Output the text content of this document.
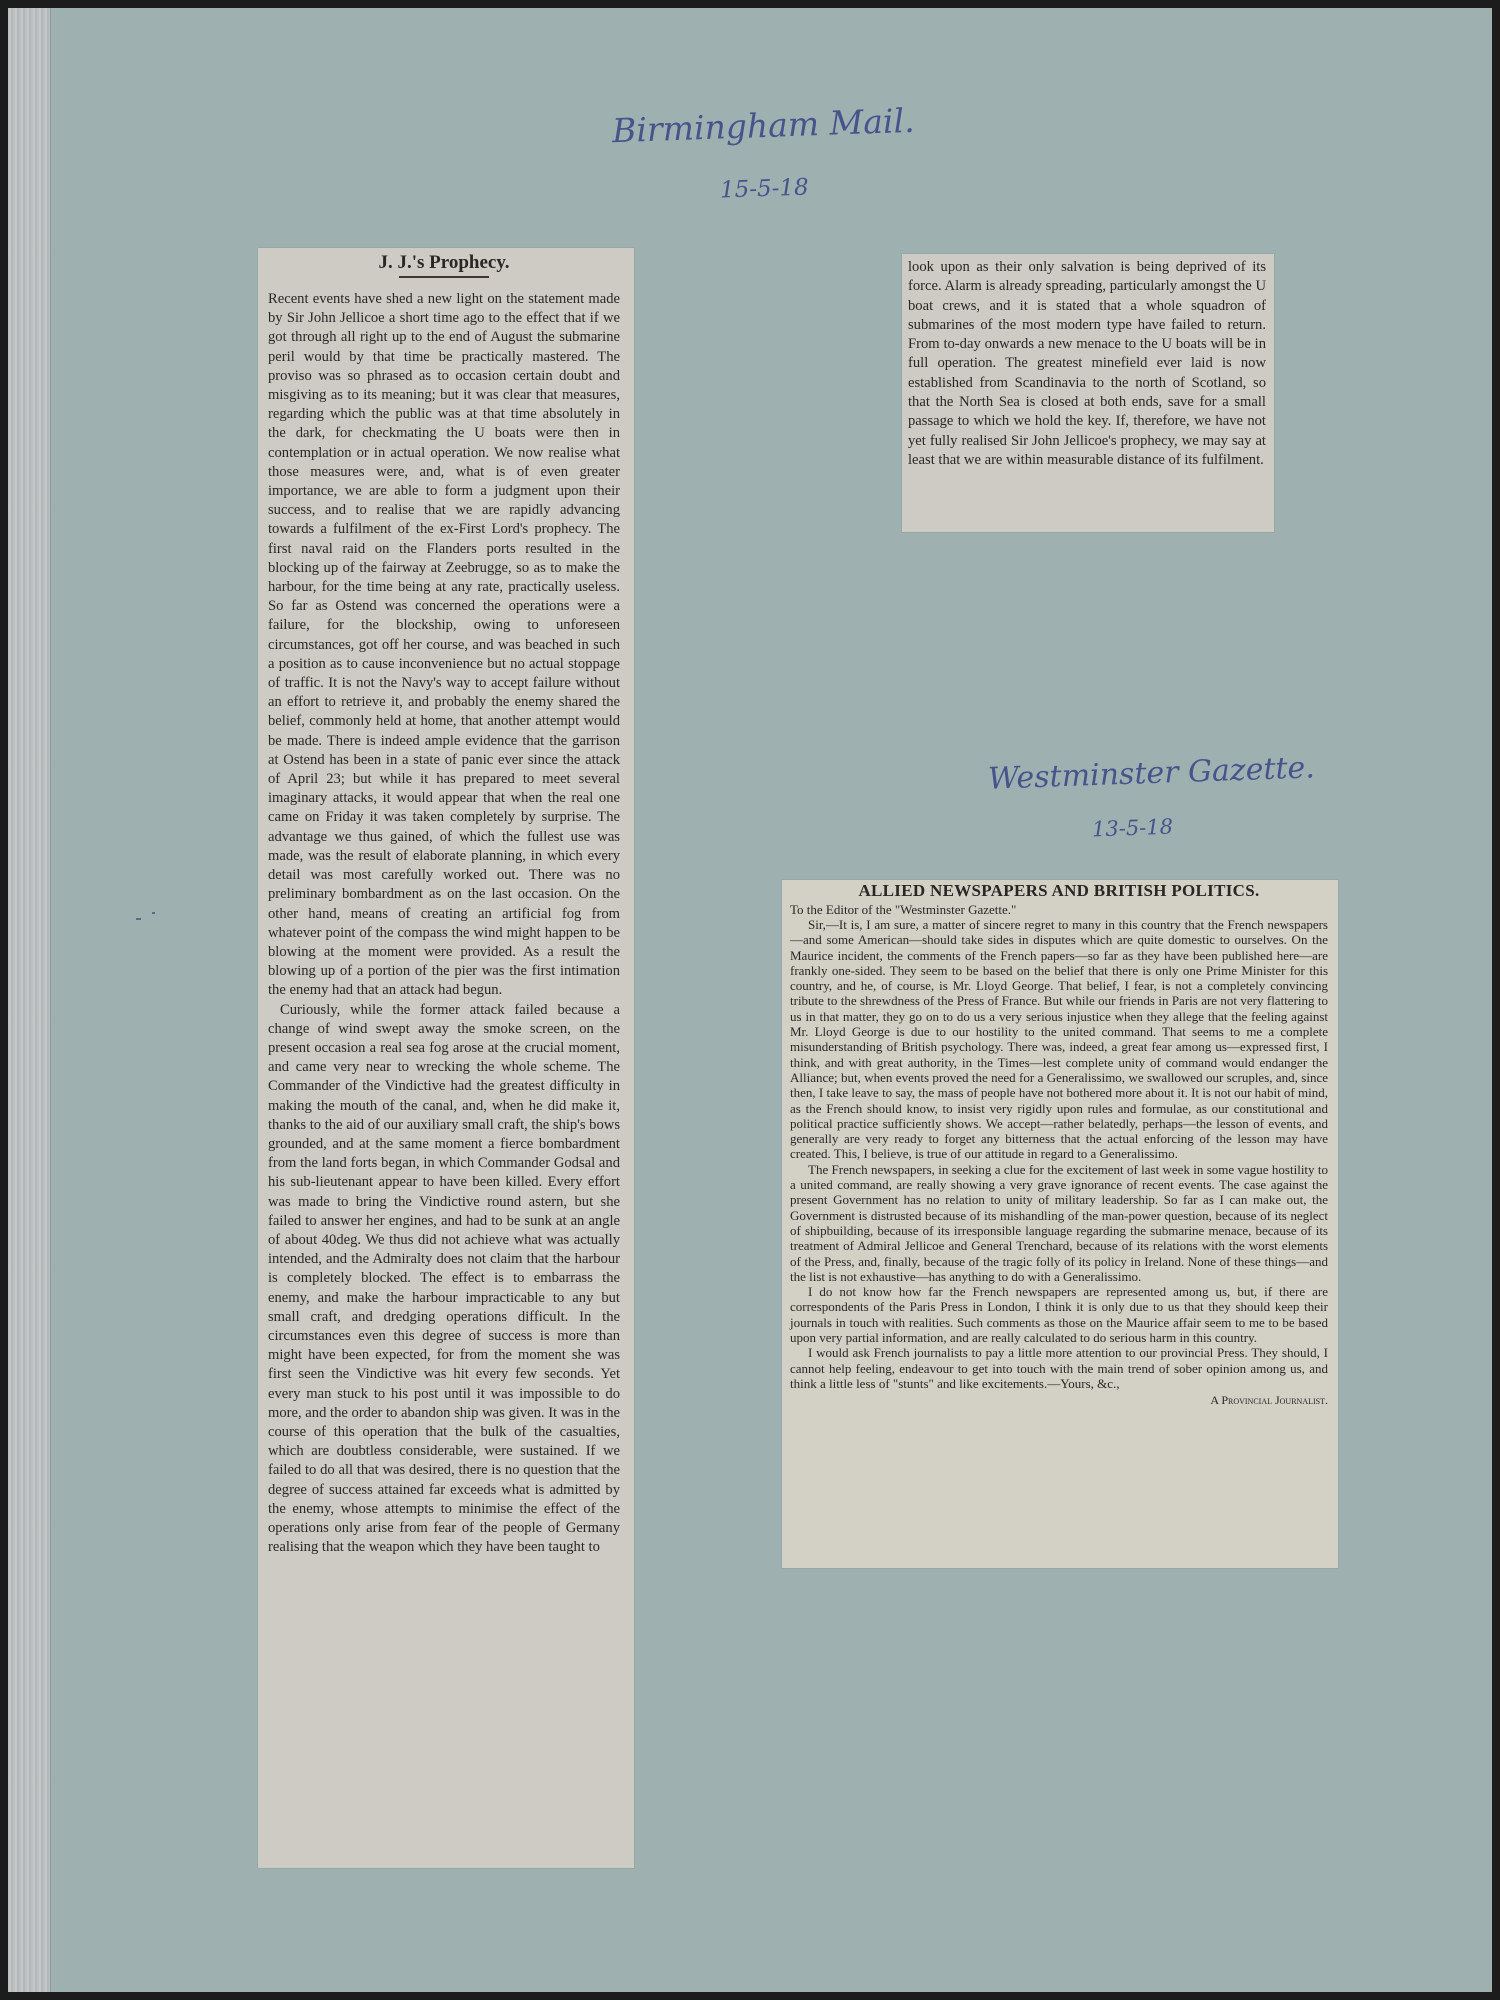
Birmingham Mail.
15-5-18
Westminster Gazette.
13-5-18
J. J.'s Prophecy.

Recent events have shed a new light on the statement made by Sir John Jellicoe a short time ago to the effect that if we got through all right up to the end of August the submarine peril would by that time be practically mastered. The proviso was so phrased as to occasion certain doubt and misgiving as to its meaning; but it was clear that measures, regarding which the public was at that time absolutely in the dark, for checkmating the U boats were then in contemplation or in actual operation. We now realise what those measures were, and, what is of even greater importance, we are able to form a judgment upon their success, and to realise that we are rapidly advancing towards a fulfilment of the ex-First Lord's prophecy. The first naval raid on the Flanders ports resulted in the blocking up of the fairway at Zeebrugge, so as to make the harbour, for the time being at any rate, practically useless. So far as Ostend was concerned the operations were a failure, for the blockship, owing to unforeseen circumstances, got off her course, and was beached in such a position as to cause inconvenience but no actual stoppage of traffic. It is not the Navy's way to accept failure without an effort to retrieve it, and probably the enemy shared the belief, commonly held at home, that another attempt would be made. There is indeed ample evidence that the garrison at Ostend has been in a state of panic ever since the attack of April 23; but while it has prepared to meet several imaginary attacks, it would appear that when the real one came on Friday it was taken completely by surprise. The advantage we thus gained, of which the fullest use was made, was the result of elaborate planning, in which every detail was most carefully worked out. There was no preliminary bombardment as on the last occasion. On the other hand, means of creating an artificial fog from whatever point of the compass the wind might happen to be blowing at the moment were provided. As a result the blowing up of a portion of the pier was the first intimation the enemy had that an attack had begun.

Curiously, while the former attack failed because a change of wind swept away the smoke screen, on the present occasion a real sea fog arose at the crucial moment, and came very near to wrecking the whole scheme. The Commander of the Vindictive had the greatest difficulty in making the mouth of the canal, and, when he did make it, thanks to the aid of our auxiliary small craft, the ship's bows grounded, and at the same moment a fierce bombardment from the land forts began, in which Commander Godsal and his sub-lieutenant appear to have been killed. Every effort was made to bring the Vindictive round astern, but she failed to answer her engines, and had to be sunk at an angle of about 40deg. We thus did not achieve what was actually intended, and the Admiralty does not claim that the harbour is completely blocked. The effect is to embarrass the enemy, and make the harbour impracticable to any but small craft, and dredging operations difficult. In the circumstances even this degree of success is more than might have been expected, for from the moment she was first seen the Vindictive was hit every few seconds. Yet every man stuck to his post until it was impossible to do more, and the order to abandon ship was given. It was in the course of this operation that the bulk of the casualties, which are doubtless considerable, were sustained. If we failed to do all that was desired, there is no question that the degree of success attained far exceeds what is admitted by the enemy, whose attempts to minimise the effect of the operations only arise from fear of the people of Germany realising that the weapon which they have been taught to

look upon as their only salvation is being deprived of its force. Alarm is already spreading, particularly amongst the U boat crews, and it is stated that a whole squadron of submarines of the most modern type have failed to return. From to-day onwards a new menace to the U boats will be in full operation. The greatest minefield ever laid is now established from Scandinavia to the north of Scotland, so that the North Sea is closed at both ends, save for a small passage to which we hold the key. If, therefore, we have not yet fully realised Sir John Jellicoe's prophecy, we may say at least that we are within measurable distance of its fulfilment.

ALLIED NEWSPAPERS AND BRITISH POLITICS.
To the Editor of the "Westminster Gazette."

Sir,—It is, I am sure, a matter of sincere regret to many in this country that the French newspapers—and some American—should take sides in disputes which are quite domestic to ourselves. On the Maurice incident, the comments of the French papers—so far as they have been published here—are frankly one-sided. They seem to be based on the belief that there is only one Prime Minister for this country, and he, of course, is Mr. Lloyd George. That belief, I fear, is not a completely convincing tribute to the shrewdness of the Press of France. But while our friends in Paris are not very flattering to us in that matter, they go on to do us a very serious injustice when they allege that the feeling against Mr. Lloyd George is due to our hostility to the united command. That seems to me a complete misunderstanding of British psychology. There was, indeed, a great fear among us—expressed first, I think, and with great authority, in the Times—lest complete unity of command would endanger the Alliance; but, when events proved the need for a Generalissimo, we swallowed our scruples, and, since then, I take leave to say, the mass of people have not bothered more about it. It is not our habit of mind, as the French should know, to insist very rigidly upon rules and formulae, as our constitutional and political practice sufficiently shows. We accept—rather belatedly, perhaps—the lesson of events, and generally are very ready to forget any bitterness that the actual enforcing of the lesson may have created. This, I believe, is true of our attitude in regard to a Generalissimo.

The French newspapers, in seeking a clue for the excitement of last week in some vague hostility to a united command, are really showing a very grave ignorance of recent events. The case against the present Government has no relation to unity of military leadership. So far as I can make out, the Government is distrusted because of its mishandling of the man-power question, because of its neglect of shipbuilding, because of its irresponsible language regarding the submarine menace, because of its treatment of Admiral Jellicoe and General Trenchard, because of its relations with the worst elements of the Press, and, finally, because of the tragic folly of its policy in Ireland. None of these things—and the list is not exhaustive—has anything to do with a Generalissimo.

I do not know how far the French newspapers are represented among us, but, if there are correspondents of the Paris Press in London, I think it is only due to us that they should keep their journals in touch with realities. Such comments as those on the Maurice affair seem to me to be based upon very partial information, and are really calculated to do serious harm in this country.

I would ask French journalists to pay a little more attention to our provincial Press. They should, I cannot help feeling, endeavour to get into touch with the main trend of sober opinion among us, and think a little less of "stunts" and like excitements.—Yours, &c.,

A Provincial Journalist.
